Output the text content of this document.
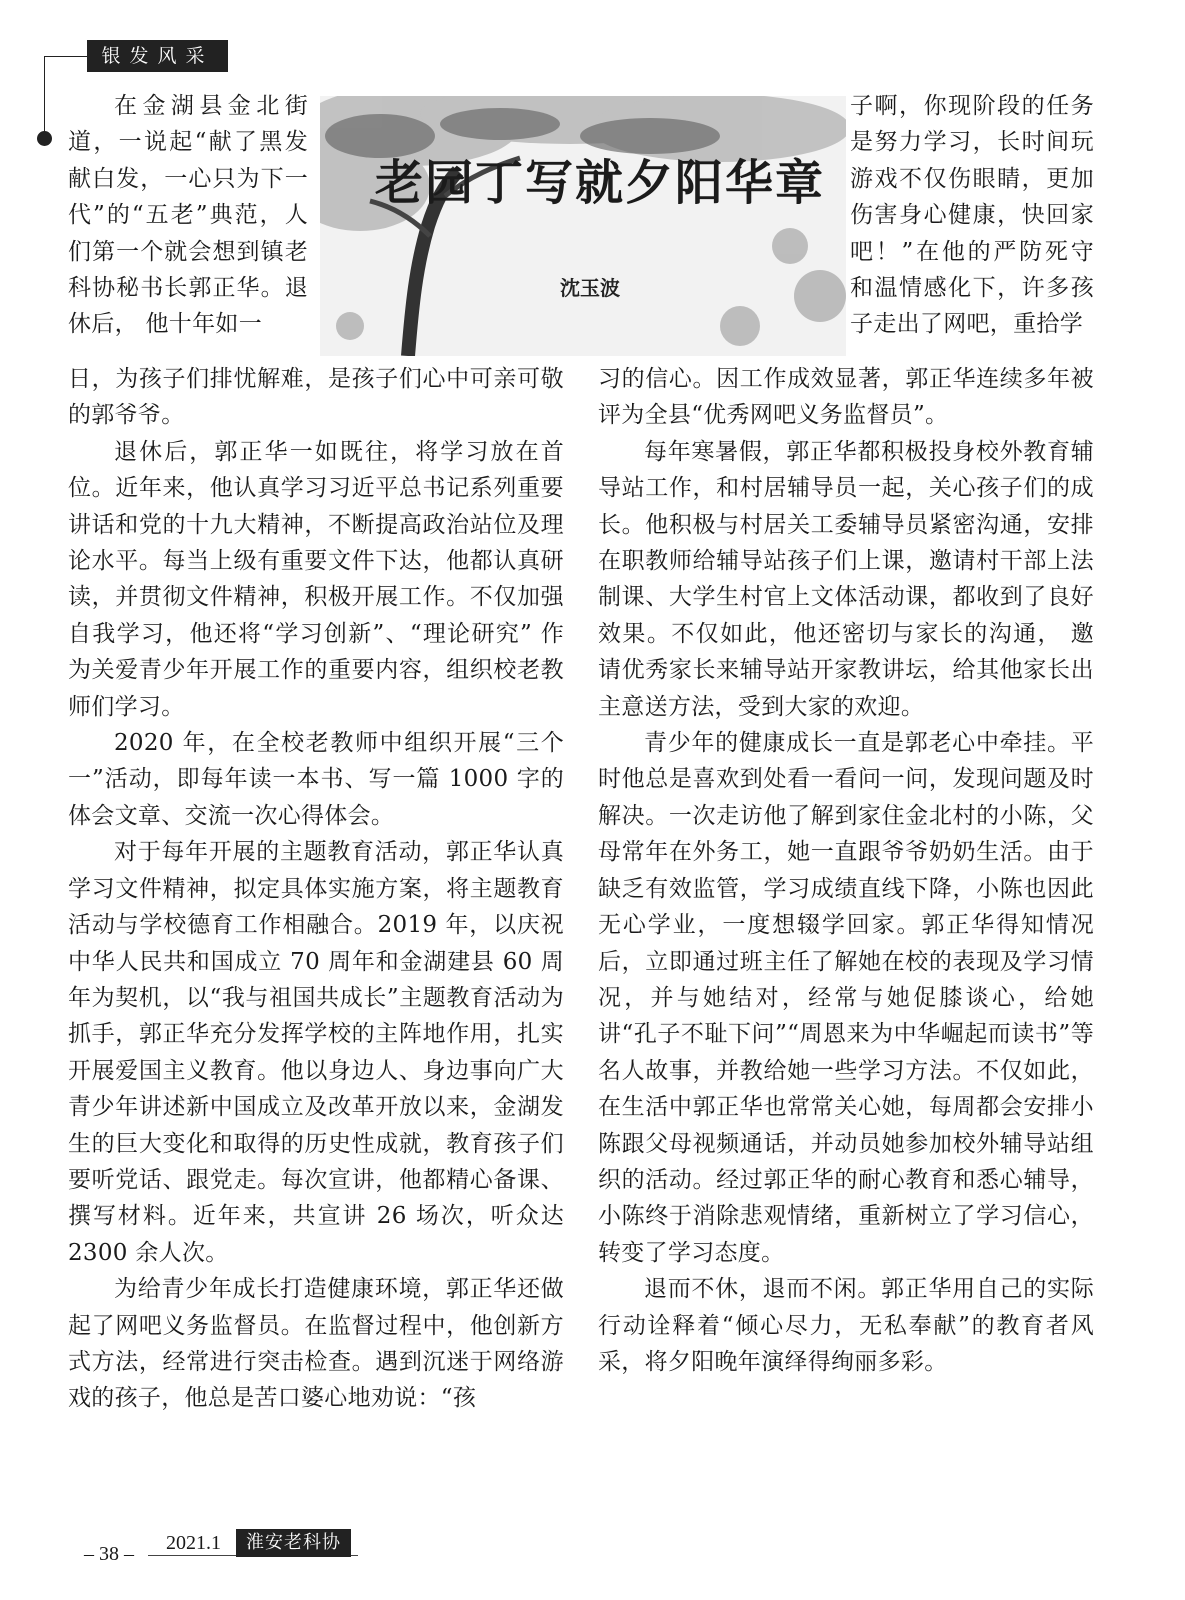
银发风采

在金湖县金北街道，一说起“献了黑发献白发，一心只为下一代”的“五老”典范，人们第一个就会想到镇老科协秘书长郭正华。退休后， 他十年如一

老园丁写就夕阳华章
沈玉波

子啊，你现阶段的任务是努力学习，长时间玩游戏不仅伤眼睛，更加伤害身心健康，快回家吧！”在他的严防死守和温情感化下，许多孩子走出了网吧，重拾学

日，为孩子们排忧解难，是孩子们心中可亲可敬的郭爷爷。

退休后，郭正华一如既往，将学习放在首位。近年来，他认真学习习近平总书记系列重要讲话和党的十九大精神，不断提高政治站位及理论水平。每当上级有重要文件下达，他都认真研读，并贯彻文件精神，积极开展工作。不仅加强自我学习，他还将“学习创新”、“理论研究” 作为关爱青少年开展工作的重要内容，组织校老教师们学习。

2020 年，在全校老教师中组织开展“三个一”活动，即每年读一本书、写一篇 1000 字的体会文章、交流一次心得体会。

对于每年开展的主题教育活动，郭正华认真学习文件精神，拟定具体实施方案，将主题教育活动与学校德育工作相融合。2019 年，以庆祝中华人民共和国成立 70 周年和金湖建县 60 周年为契机，以“我与祖国共成长”主题教育活动为抓手，郭正华充分发挥学校的主阵地作用，扎实开展爱国主义教育。他以身边人、身边事向广大青少年讲述新中国成立及改革开放以来，金湖发生的巨大变化和取得的历史性成就，教育孩子们要听党话、跟党走。每次宣讲，他都精心备课、撰写材料。近年来，共宣讲 26 场次，听众达 2300 余人次。

为给青少年成长打造健康环境，郭正华还做起了网吧义务监督员。在监督过程中，他创新方式方法，经常进行突击检查。遇到沉迷于网络游戏的孩子，他总是苦口婆心地劝说：“孩

习的信心。因工作成效显著，郭正华连续多年被评为全县“优秀网吧义务监督员”。

每年寒暑假，郭正华都积极投身校外教育辅导站工作，和村居辅导员一起，关心孩子们的成长。他积极与村居关工委辅导员紧密沟通，安排在职教师给辅导站孩子们上课，邀请村干部上法制课、大学生村官上文体活动课，都收到了良好效果。不仅如此，他还密切与家长的沟通， 邀请优秀家长来辅导站开家教讲坛，给其他家长出主意送方法，受到大家的欢迎。

青少年的健康成长一直是郭老心中牵挂。平时他总是喜欢到处看一看问一问，发现问题及时解决。一次走访他了解到家住金北村的小陈，父母常年在外务工，她一直跟爷爷奶奶生活。由于缺乏有效监管，学习成绩直线下降，小陈也因此无心学业，一度想辍学回家。郭正华得知情况后，立即通过班主任了解她在校的表现及学习情况，并与她结对，经常与她促膝谈心，给她讲“孔子不耻下问”“周恩来为中华崛起而读书”等名人故事，并教给她一些学习方法。不仅如此，在生活中郭正华也常常关心她，每周都会安排小陈跟父母视频通话，并动员她参加校外辅导站组织的活动。经过郭正华的耐心教育和悉心辅导， 小陈终于消除悲观情绪，重新树立了学习信心，转变了学习态度。

退而不休，退而不闲。郭正华用自己的实际行动诠释着“倾心尽力，无私奉献”的教育者风采，将夕阳晚年演绎得绚丽多彩。

– 38 – 2021.1	淮安老科协
